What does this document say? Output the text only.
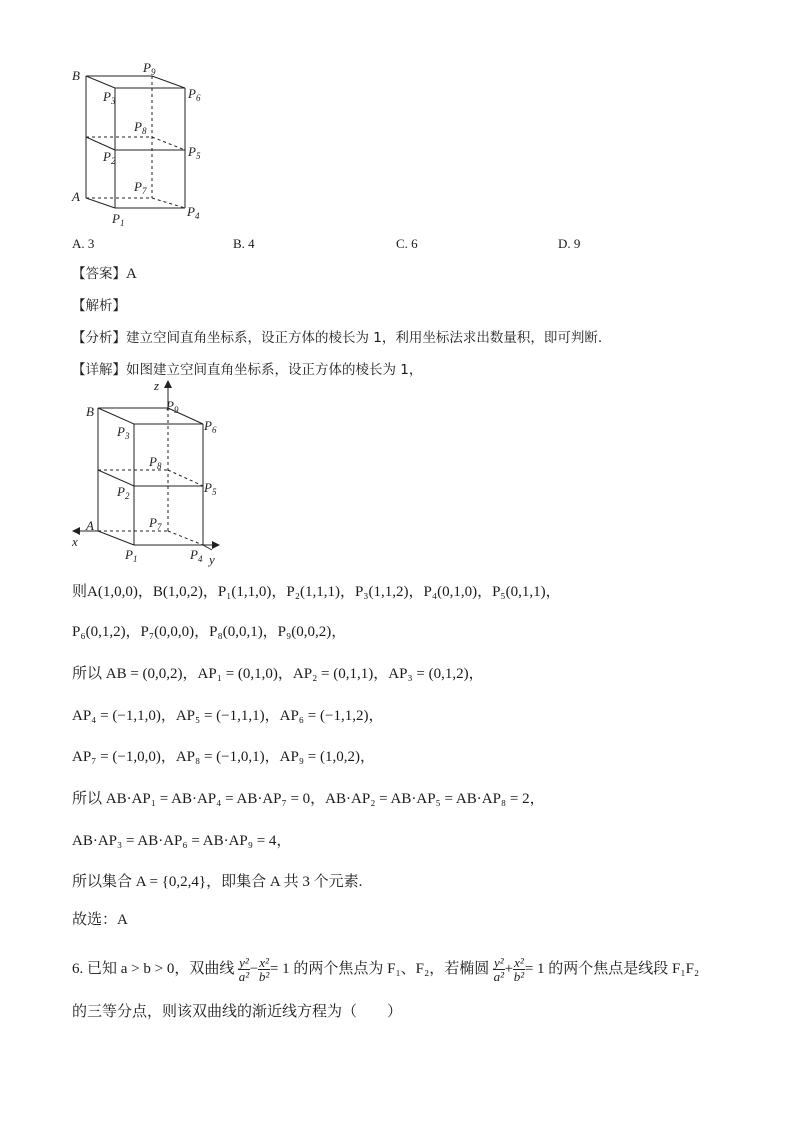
B
A
$P_9$
$P_3$	$P_6$
$P_8$
$P_2$
$P_5$
$P_7$
$P_1$
$P_4$
A. 3	B. 4	C. 6	D. 9
【答案】A
【解析】
【分析】建立空间直角坐标系，设正方体的棱长为 1，利用坐标法求出数量积，即可判断.
【详解】如图建立空间直角坐标系，设正方体的棱长为 1，
z
x
y
B
A
$P_9$
$P_3$
$P_6$
$P_8$
$P_2$
$P_5$
$P_7$
$P_1$	$P_4$
则A(1,0,0)，B(1,0,2)，P₁(1,1,0)，P₂(1,1,1)，P₃(1,1,2)，P₄(0,1,0)，P₅(0,1,1)，
P₆(0,1,2)，P₇(0,0,0)，P₈(0,0,1)，P₉(0,0,2)，
所以 AB = (0,0,2)，AP₁ = (0,1,0)，AP₂ = (0,1,1)，AP₃ = (0,1,2)，
AP₄ = (−1,1,0)，AP₅ = (−1,1,1)，AP₆ = (−1,1,2)，
AP₇ = (−1,0,0)，AP₈ = (−1,0,1)，AP₉ = (1,0,2)，
所以 AB·AP₁ = AB·AP₄ = AB·AP₇ = 0，AB·AP₂ = AB·AP₅ = AB·AP₈ = 2，
AB·AP₃ = AB·AP₆ = AB·AP₉ = 4，
所以集合 A = {0,2,4}，即集合 A 共 3 个元素.
故选：A
6. 已知 a > b > 0，双曲线 $\frac{\text{y²}}{\text{a²}} - \frac{\text{x²}}{\text{b²}} = 1$ 的两个焦点为 F₁、F₂，若椭圆 $\frac{\text{y²}}{\text{a²}} + \frac{\text{x²}}{\text{b²}} = 1$ 的两个焦点是线段 F₁F₂
的三等分点，则该双曲线的渐近线方程为（　　）
